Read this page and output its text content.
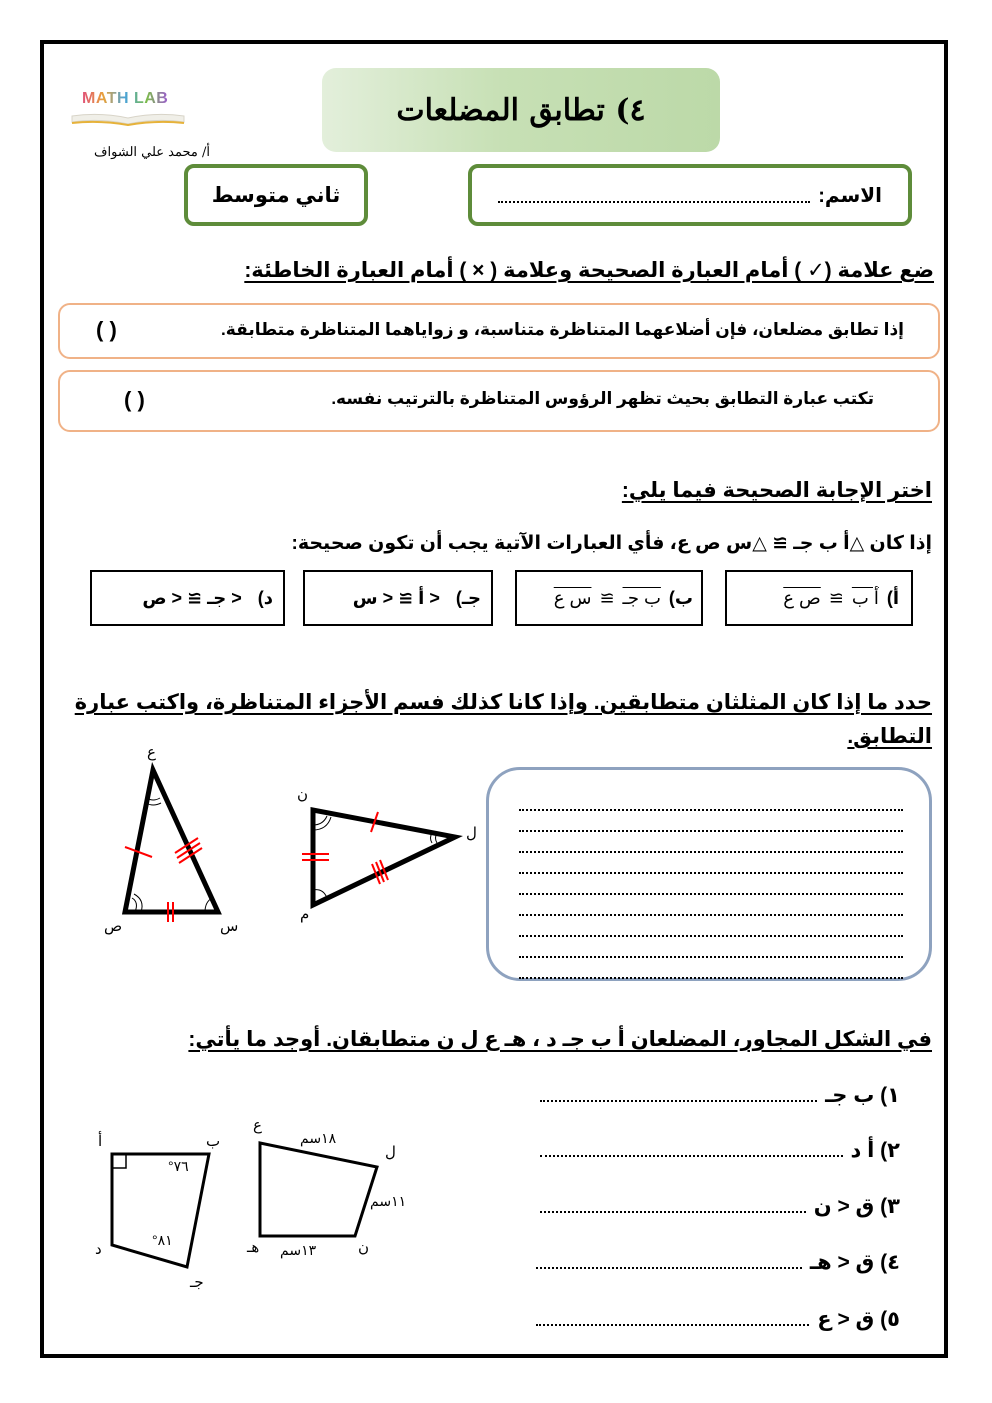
MATH LAB
أ/ محمد علي الشواف
٤) تطابق المضلعات
ثاني متوسط	الاسم:
ضع علامة (✓ ) أمام العبارة الصحيحة وعلامة ( × ) أمام العبارة الخاطئة:
إذا تطابق مضلعان، فإن أضلاعهما المتناظرة متناسبة، و زواياهما المتناظرة متطابقة.
( )
تكتب عبارة التطابق بحيث تظهر الرؤوس المتناظرة بالترتيب نفسه.
( )
اختر الإجابة الصحيحة فيما يلي:
إذا كان △أ ب جـ ≅ △س ص ع، فأي العبارات الآتية يجب أن تكون صحيحة:
أ)
أ ب
≅
ص ع
ب)
ب جـ
≅
س ع
جـ)
< أ ≅ < س
د)
< جـ ≅ < ص
حدد ما إذا كان المثلثان متطابقين. وإذا كانا كذلك فسم الأجزاء المتناظرة، واكتب عبارة التطابق.
ع
ص	س
ن
م
ل
في الشكل المجاور، المضلعان أ ب جـ د ، هـ ع ل ن متطابقان. أوجد ما يأتي:
أ	ب
جـ
د
°٧٦
°٨١
ع
ل
ن
هـ
١٨سم
١١سم
١٣سم
١) ب جـ
٢) أ د
٣) ق < ن
٤) ق < هـ
٥) ق < ع
